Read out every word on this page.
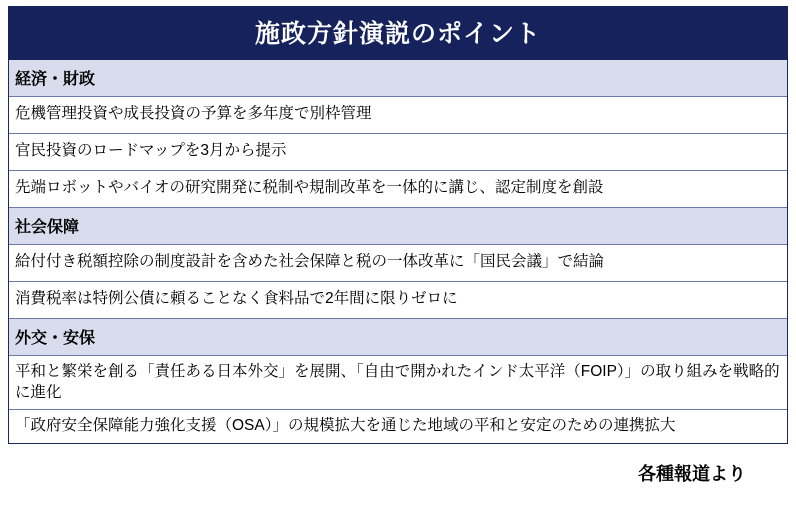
施政方針演説のポイント
経済・財政
危機管理投資や成長投資の予算を多年度で別枠管理
官民投資のロードマップを3月から提示
先端ロボットやバイオの研究開発に税制や規制改革を一体的に講じ、認定制度を創設
社会保障
給付付き税額控除の制度設計を含めた社会保障と税の一体改革に「国民会議」で結論
消費税率は特例公債に頼ることなく食料品で2年間に限りゼロに
外交・安保
平和と繁栄を創る「責任ある日本外交」を展開、「自由で開かれたインド太平洋（FOIP）」の取り組みを戦略的に進化
「政府安全保障能力強化支援（OSA）」の規模拡大を通じた地域の平和と安定のための連携拡大
各種報道より
